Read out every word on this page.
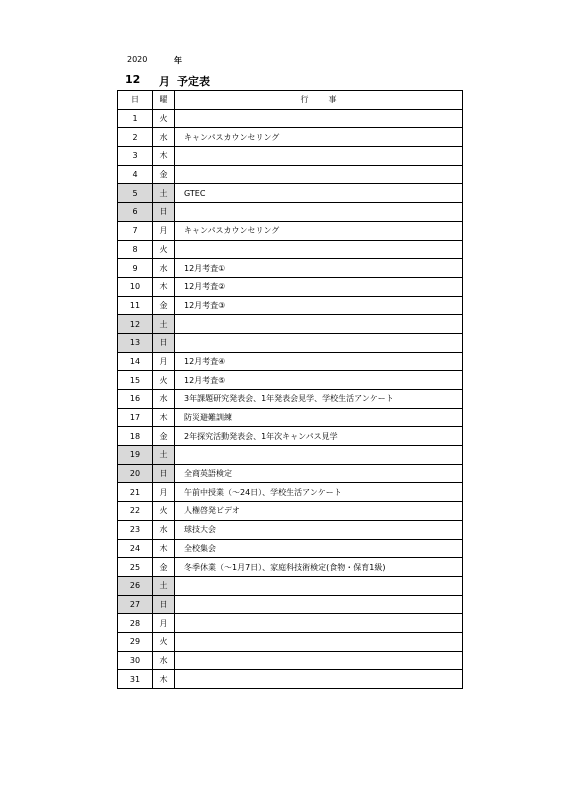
2020	年
12 月 予定表
日	曜	行 事
1	火	
2	水	キャンパスカウンセリング
3	木	
4	金	
5	土	GTEC
6	日	
7	月	キャンパスカウンセリング
8	火	
9	水	12月考査①
10	木	12月考査②
11	金	12月考査③
12	土	
13	日	
14	月	12月考査④
15	火	12月考査⑤
16	水	3年課題研究発表会、1年発表会見学、学校生活アンケート
17	木	防災避難訓練
18	金	2年探究活動発表会、1年次キャンパス見学
19	土	
20	日	全商英語検定
21	月	午前中授業（～24日）、学校生活アンケート
22	火	人権啓発ビデオ
23	水	球技大会
24	木	全校集会
25	金	冬季休業（～1月7日）、家庭科技術検定(食物・保育1級)
26	土	
27	日	
28	月	
29	火	
30	水	
31	木	
